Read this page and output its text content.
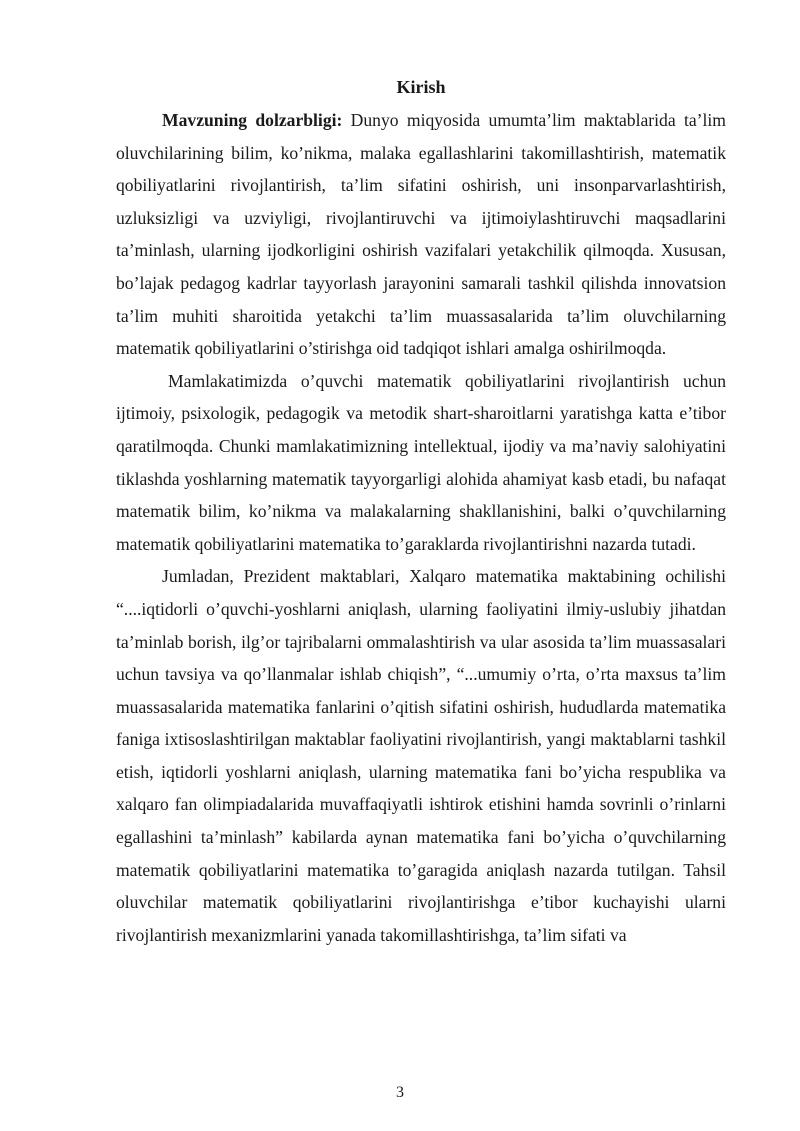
Kirish

Mavzuning dolzarbligi: Dunyo miqyosida umumta’lim maktablarida ta’lim oluvchilarining bilim, ko’nikma, malaka egallashlarini takomillashtirish, matematik qobiliyatlarini rivojlantirish, ta’lim sifatini oshirish, uni insonparvarlashtirish, uzluksizligi va uzviyligi, rivojlantiruvchi va ijtimoiylashtiruvchi maqsadlarini ta’minlash, ularning ijodkorligini oshirish vazifalari yetakchilik qilmoqda. Xususan, bo’lajak pedagog kadrlar tayyorlash jarayonini samarali tashkil qilishda innovatsion ta’lim muhiti sharoitida yetakchi ta’lim muassasalarida ta’lim oluvchilarning matematik qobiliyatlarini o’stirishga oid tadqiqot ishlari amalga oshirilmoqda.

Mamlakatimizda o’quvchi matematik qobiliyatlarini rivojlantirish uchun ijtimoiy, psixologik, pedagogik va metodik shart-sharoitlarni yaratishga katta e’tibor qaratilmoqda. Chunki mamlakatimizning intellektual, ijodiy va ma’naviy salohiyatini tiklashda yoshlarning matematik tayyorgarligi alohida ahamiyat kasb etadi, bu nafaqat matematik bilim, ko’nikma va malakalarning shakllanishini, balki o’quvchilarning matematik qobiliyatlarini matematika to’garaklarda rivojlantirishni nazarda tutadi.

Jumladan, Prezident maktablari, Xalqaro matematika maktabining ochilishi “....iqtidorli o’quvchi-yoshlarni aniqlash, ularning faoliyatini ilmiy-uslubiy jihatdan ta’minlab borish, ilg’or tajribalarni ommalashtirish va ular asosida ta’lim muassasalari uchun tavsiya va qo’llanmalar ishlab chiqish”, “...umumiy o’rta, o’rta maxsus ta’lim muassasalarida matematika fanlarini o’qitish sifatini oshirish, hududlarda matematika faniga ixtisoslashtirilgan maktablar faoliyatini rivojlantirish, yangi maktablarni tashkil etish, iqtidorli yoshlarni aniqlash, ularning matematika fani bo’yicha respublika va xalqaro fan olimpiadalarida muvaffaqiyatli ishtirok etishini hamda sovrinli o’rinlarni egallashini ta’minlash” kabilarda aynan matematika fani bo’yicha o’quvchilarning matematik qobiliyatlarini matematika to’garagida aniqlash nazarda tutilgan. Tahsil oluvchilar matematik qobiliyatlarini rivojlantirishga e’tibor kuchayishi ularni rivojlantirish mexanizmlarini yanada takomillashtirishga, ta’lim sifati va

3
